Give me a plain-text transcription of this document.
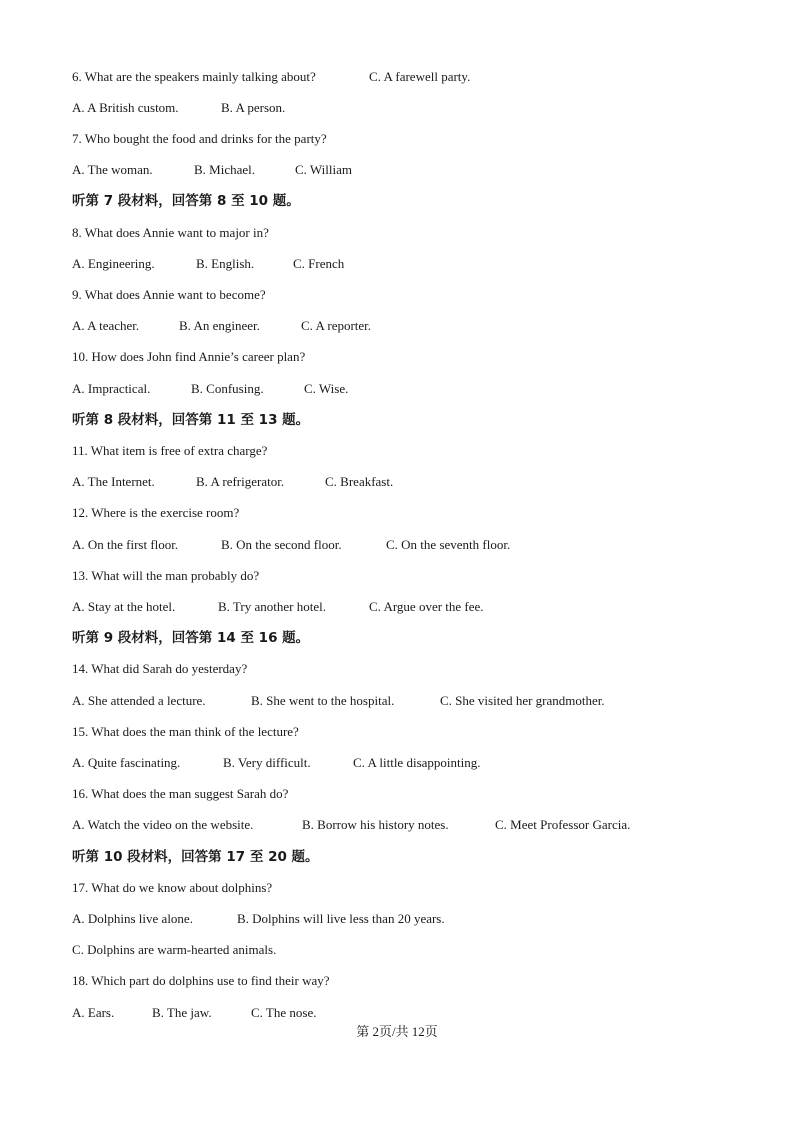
6. What are the speakers mainly talking about?	C. A farewell party.
A. A British custom.	B. A person.
7. Who bought the food and drinks for the party?
A. The woman.	B. Michael.	C. William
听第 7 段材料，回答第 8 至 10 题。
8. What does Annie want to major in?
A. Engineering.	B. English.	C. French
9. What does Annie want to become?
A. A teacher.	B. An engineer.	C. A reporter.
10. How does John find Annie’s career plan?
A. Impractical.	B. Confusing.	C. Wise.
听第 8 段材料，回答第 11 至 13 题。
11. What item is free of extra charge?
A. The Internet.	B. A refrigerator.	C. Breakfast.
12. Where is the exercise room?
A. On the first floor.	B. On the second floor.	C. On the seventh floor.
13. What will the man probably do?
A. Stay at the hotel.	B. Try another hotel.	C. Argue over the fee.
听第 9 段材料，回答第 14 至 16 题。
14. What did Sarah do yesterday?
A. She attended a lecture.	B. She went to the hospital.	C. She visited her grandmother.
15. What does the man think of the lecture?
A. Quite fascinating.	B. Very difficult.	C. A little disappointing.
16. What does the man suggest Sarah do?
A. Watch the video on the website.	B. Borrow his history notes.	C. Meet Professor Garcia.
听第 10 段材料，回答第 17 至 20 题。
17. What do we know about dolphins?
A. Dolphins live alone.	B. Dolphins will live less than 20 years.
C. Dolphins are warm-hearted animals.
18. Which part do dolphins use to find their way?
A. Ears.	B. The jaw.	C. The nose.
第 2页/共 12页
